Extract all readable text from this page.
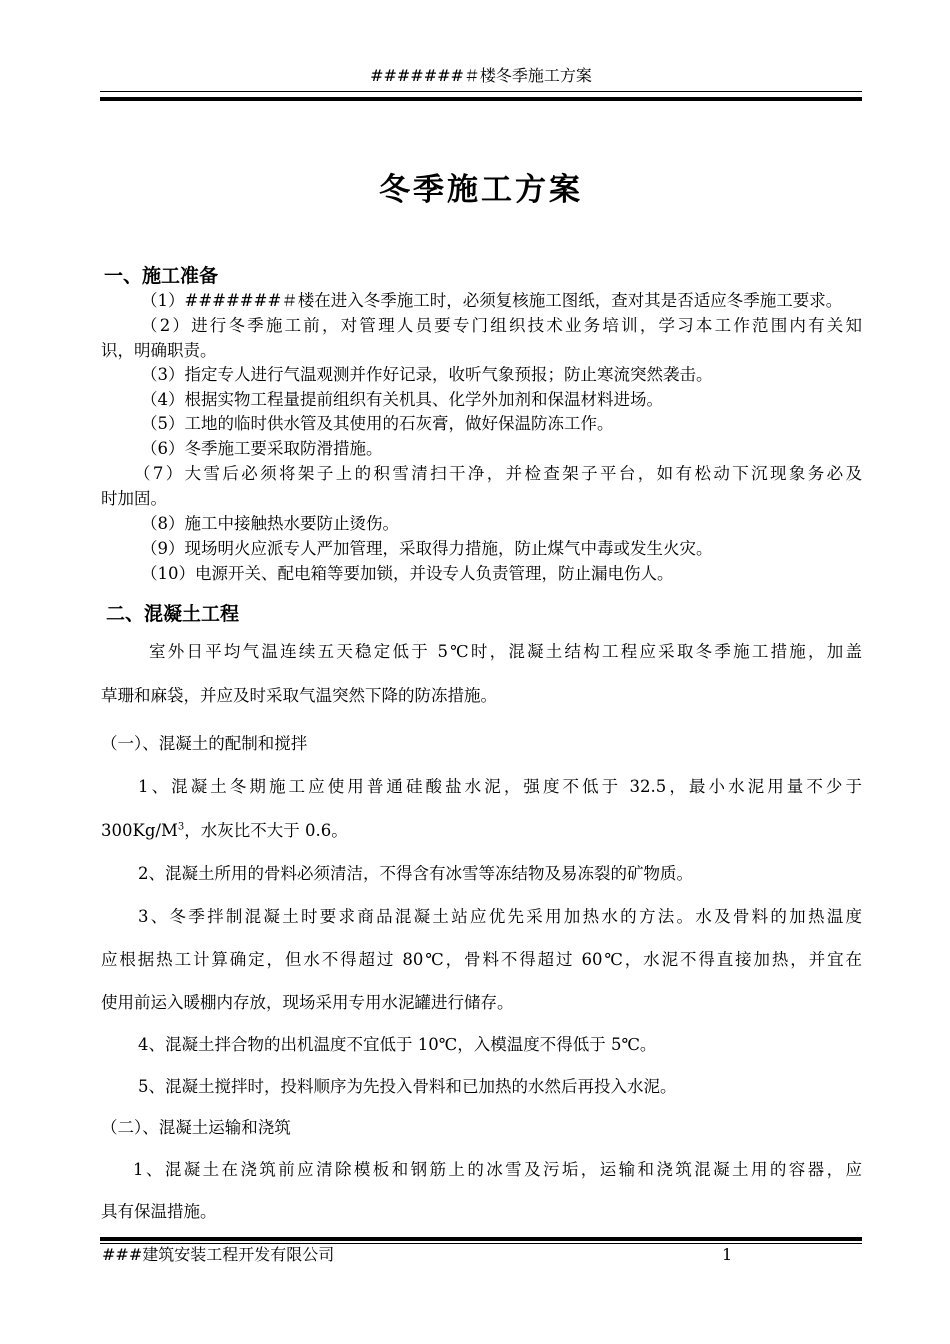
#######＃楼冬季施工方案
冬季施工方案
一、施工准备
（1）#######＃楼在进入冬季施工时，必须复核施工图纸，查对其是否适应冬季施工要求。
（2）进行冬季施工前，对管理人员要专门组织技术业务培训，学习本工作范围内有关知
识，明确职责。
（3）指定专人进行气温观测并作好记录，收听气象预报；防止寒流突然袭击。
（4）根据实物工程量提前组织有关机具、化学外加剂和保温材料进场。
（5）工地的临时供水管及其使用的石灰膏，做好保温防冻工作。
（6）冬季施工要采取防滑措施。
（7）大雪后必须将架子上的积雪清扫干净，并检查架子平台，如有松动下沉现象务必及
时加固。
（8）施工中接触热水要防止烫伤。
（9）现场明火应派专人严加管理，采取得力措施，防止煤气中毒或发生火灾。
（10）电源开关、配电箱等要加锁，并设专人负责管理，防止漏电伤人。
二、混凝土工程
室外日平均气温连续五天稳定低于 5℃时，混凝土结构工程应采取冬季施工措施，加盖
草珊和麻袋，并应及时采取气温突然下降的防冻措施。
（一）、混凝土的配制和搅拌
1、混凝土冬期施工应使用普通硅酸盐水泥，强度不低于 32.5，最小水泥用量不少于
$300Kg/M^3$，水灰比不大于 0.6。
2、混凝土所用的骨料必须清洁，不得含有冰雪等冻结物及易冻裂的矿物质。
3、冬季拌制混凝土时要求商品混凝土站应优先采用加热水的方法。水及骨料的加热温度
应根据热工计算确定，但水不得超过 80℃，骨料不得超过 60℃，水泥不得直接加热，并宜在
使用前运入暖棚内存放，现场采用专用水泥罐进行储存。
4、混凝土拌合物的出机温度不宜低于 10℃，入模温度不得低于 5℃。
5、混凝土搅拌时，投料顺序为先投入骨料和已加热的水然后再投入水泥。
（二）、混凝土运输和浇筑
1、混凝土在浇筑前应清除模板和钢筋上的冰雪及污垢，运输和浇筑混凝土用的容器，应
具有保温措施。
###建筑安装工程开发有限公司	1
